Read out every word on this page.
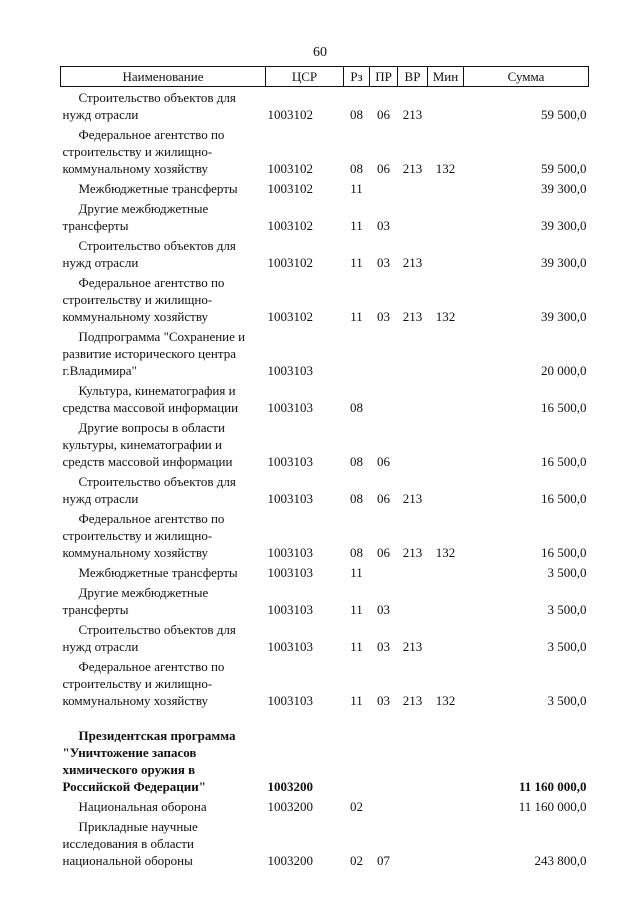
60
Наименование	ЦСР	Рз	ПР	ВР	Мин	Сумма

Строительство объектов для
нужд отрасли	1003102	08	06	213		59 500,0

Федеральное агентство по
строительству и жилищно-
коммунальному хозяйству	1003102	08	06	213	132	59 500,0

Межбюджетные трансферты	1003102	11				39 300,0

Другие межбюджетные
трансферты	1003102	11	03			39 300,0

Строительство объектов для
нужд отрасли	1003102	11	03	213		39 300,0

Федеральное агентство по
строительству и жилищно-
коммунальному хозяйству	1003102	11	03	213	132	39 300,0

Подпрограмма "Сохранение и
развитие исторического центра
г.Владимира"	1003103					20 000,0

Культура, кинематография и
средства массовой информации	1003103	08				16 500,0

Другие вопросы в области
культуры, кинематографии и
средств массовой информации	1003103	08	06			16 500,0

Строительство объектов для
нужд отрасли	1003103	08	06	213		16 500,0

Федеральное агентство по
строительству и жилищно-
коммунальному хозяйству	1003103	08	06	213	132	16 500,0

Межбюджетные трансферты	1003103	11				3 500,0

Другие межбюджетные
трансферты	1003103	11	03			3 500,0

Строительство объектов для
нужд отрасли	1003103	11	03	213		3 500,0

Федеральное агентство по
строительству и жилищно-
коммунальному хозяйству	1003103	11	03	213	132	3 500,0

Президентская программа
"Уничтожение запасов
химического оружия в
Российской Федерации"	1003200					11 160 000,0

Национальная оборона	1003200	02				11 160 000,0

Прикладные научные
исследования в области
национальной обороны	1003200	02	07			243 800,0
